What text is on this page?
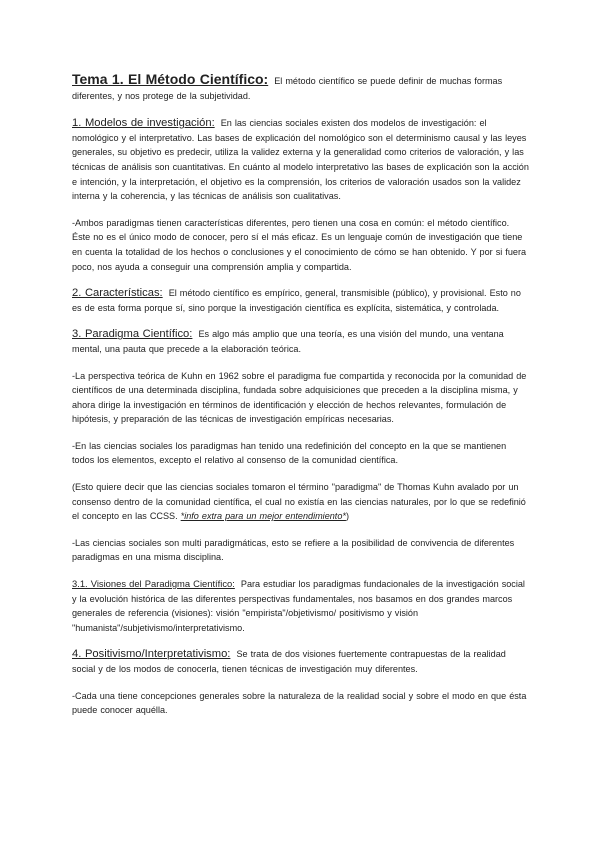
Tema 1. El Método Científico: El método científico se puede definir de muchas formas diferentes, y nos protege de la subjetividad.

1. Modelos de investigación: En las ciencias sociales existen dos modelos de investigación: el nomológico y el interpretativo. Las bases de explicación del nomológico son el determinismo causal y las leyes generales, su objetivo es predecir, utiliza la validez externa y la generalidad como criterios de valoración, y las técnicas de análisis son cuantitativas. En cuánto al modelo interpretativo las bases de explicación son la acción e intención, y la interpretación, el objetivo es la comprensión, los criterios de valoración usados son la validez interna y la coherencia, y las técnicas de análisis son cualitativas.

-Ambos paradigmas tienen características diferentes, pero tienen una cosa en común: el método científico. Éste no es el único modo de conocer, pero sí el más eficaz. Es un lenguaje común de investigación que tiene en cuenta la totalidad de los hechos o conclusiones y el conocimiento de cómo se han obtenido. Y por si fuera poco, nos ayuda a conseguir una comprensión amplia y compartida.

2. Características: El método científico es empírico, general, transmisible (público), y provisional. Esto no es de esta forma porque sí, sino porque la investigación científica es explícita, sistemática, y controlada.

3. Paradigma Científico: Es algo más amplio que una teoría, es una visión del mundo, una ventana mental, una pauta que precede a la elaboración teórica.

-La perspectiva teórica de Kuhn en 1962 sobre el paradigma fue compartida y reconocida por la comunidad de científicos de una determinada disciplina, fundada sobre adquisiciones que preceden a la disciplina misma, y ahora dirige la investigación en términos de identificación y elección de hechos relevantes, formulación de hipótesis, y preparación de las técnicas de investigación empíricas necesarias.

-En las ciencias sociales los paradigmas han tenido una redefinición del concepto en la que se mantienen todos los elementos, excepto el relativo al consenso de la comunidad científica.

(Esto quiere decir que las ciencias sociales tomaron el término "paradigma" de Thomas Kuhn avalado por un consenso dentro de la comunidad científica, el cual no existía en las ciencias naturales, por lo que se redefinió el concepto en las CCSS. *info extra para un mejor entendimiento*)

-Las ciencias sociales son multi paradigmáticas, esto se refiere a la posibilidad de convivencia de diferentes paradigmas en una misma disciplina.

3.1. Visiones del Paradigma Científico: Para estudiar los paradigmas fundacionales de la investigación social y la evolución histórica de las diferentes perspectivas fundamentales, nos basamos en dos grandes marcos generales de referencia (visiones): visión "empirista"/objetivismo/ positivismo y visión "humanista"/subjetivismo/interpretativismo.

4. Positivismo/Interpretativismo: Se trata de dos visiones fuertemente contrapuestas de la realidad social y de los modos de conocerla, tienen técnicas de investigación muy diferentes.

-Cada una tiene concepciones generales sobre la naturaleza de la realidad social y sobre el modo en que ésta puede conocer aquélla.
